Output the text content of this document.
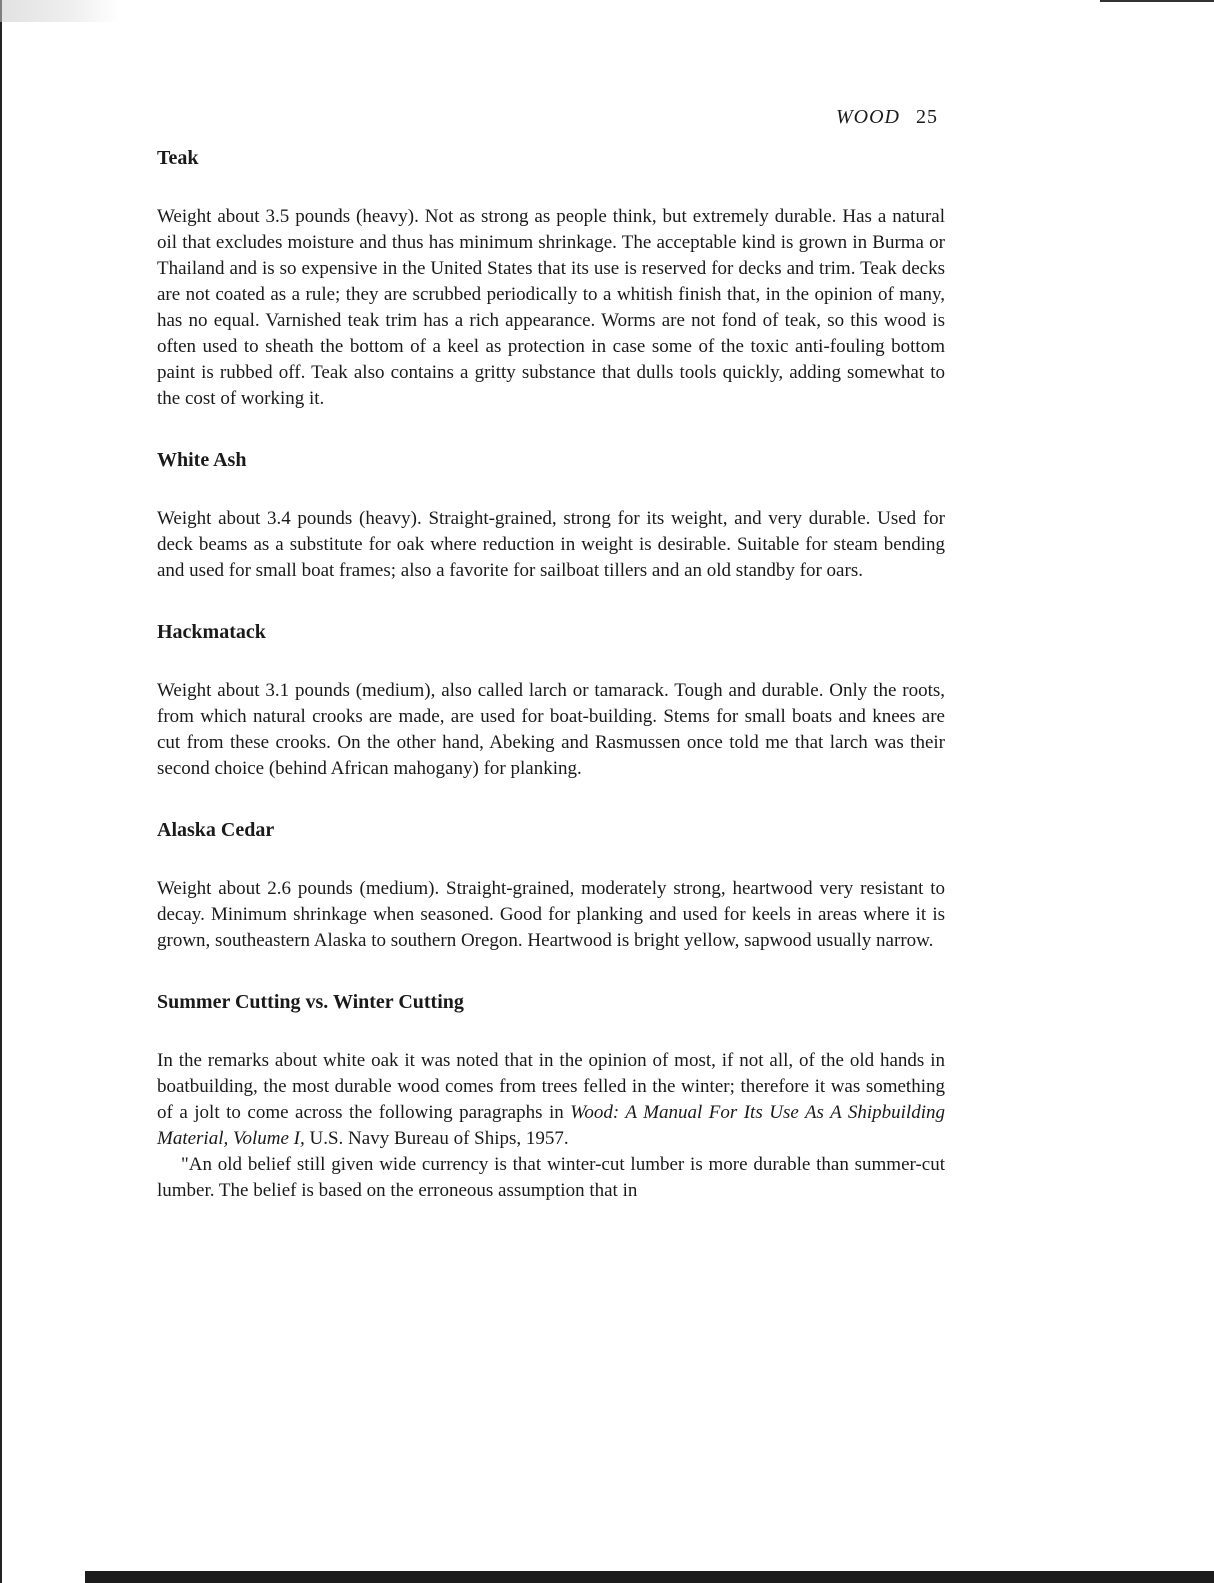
WOOD 25
Teak

Weight about 3.5 pounds (heavy). Not as strong as people think, but extremely durable. Has a natural oil that excludes moisture and thus has minimum shrinkage. The acceptable kind is grown in Burma or Thailand and is so expensive in the United States that its use is reserved for decks and trim. Teak decks are not coated as a rule; they are scrubbed periodically to a whitish finish that, in the opinion of many, has no equal. Varnished teak trim has a rich appearance. Worms are not fond of teak, so this wood is often used to sheath the bottom of a keel as protection in case some of the toxic anti-fouling bottom paint is rubbed off. Teak also contains a gritty substance that dulls tools quickly, adding somewhat to the cost of working it.

White Ash

Weight about 3.4 pounds (heavy). Straight-grained, strong for its weight, and very durable. Used for deck beams as a substitute for oak where reduction in weight is desirable. Suitable for steam bending and used for small boat frames; also a favorite for sailboat tillers and an old standby for oars.

Hackmatack

Weight about 3.1 pounds (medium), also called larch or tamarack. Tough and durable. Only the roots, from which natural crooks are made, are used for boat-building. Stems for small boats and knees are cut from these crooks. On the other hand, Abeking and Rasmussen once told me that larch was their second choice (behind African mahogany) for planking.

Alaska Cedar

Weight about 2.6 pounds (medium). Straight-grained, moderately strong, heartwood very resistant to decay. Minimum shrinkage when seasoned. Good for planking and used for keels in areas where it is grown, southeastern Alaska to southern Oregon. Heartwood is bright yellow, sapwood usually narrow.

Summer Cutting vs. Winter Cutting

In the remarks about white oak it was noted that in the opinion of most, if not all, of the old hands in boatbuilding, the most durable wood comes from trees felled in the winter; therefore it was something of a jolt to come across the following paragraphs in Wood: A Manual For Its Use As A Shipbuilding Material, Volume I, U.S. Navy Bureau of Ships, 1957.

"An old belief still given wide currency is that winter-cut lumber is more durable than summer-cut lumber. The belief is based on the erroneous assumption that in
